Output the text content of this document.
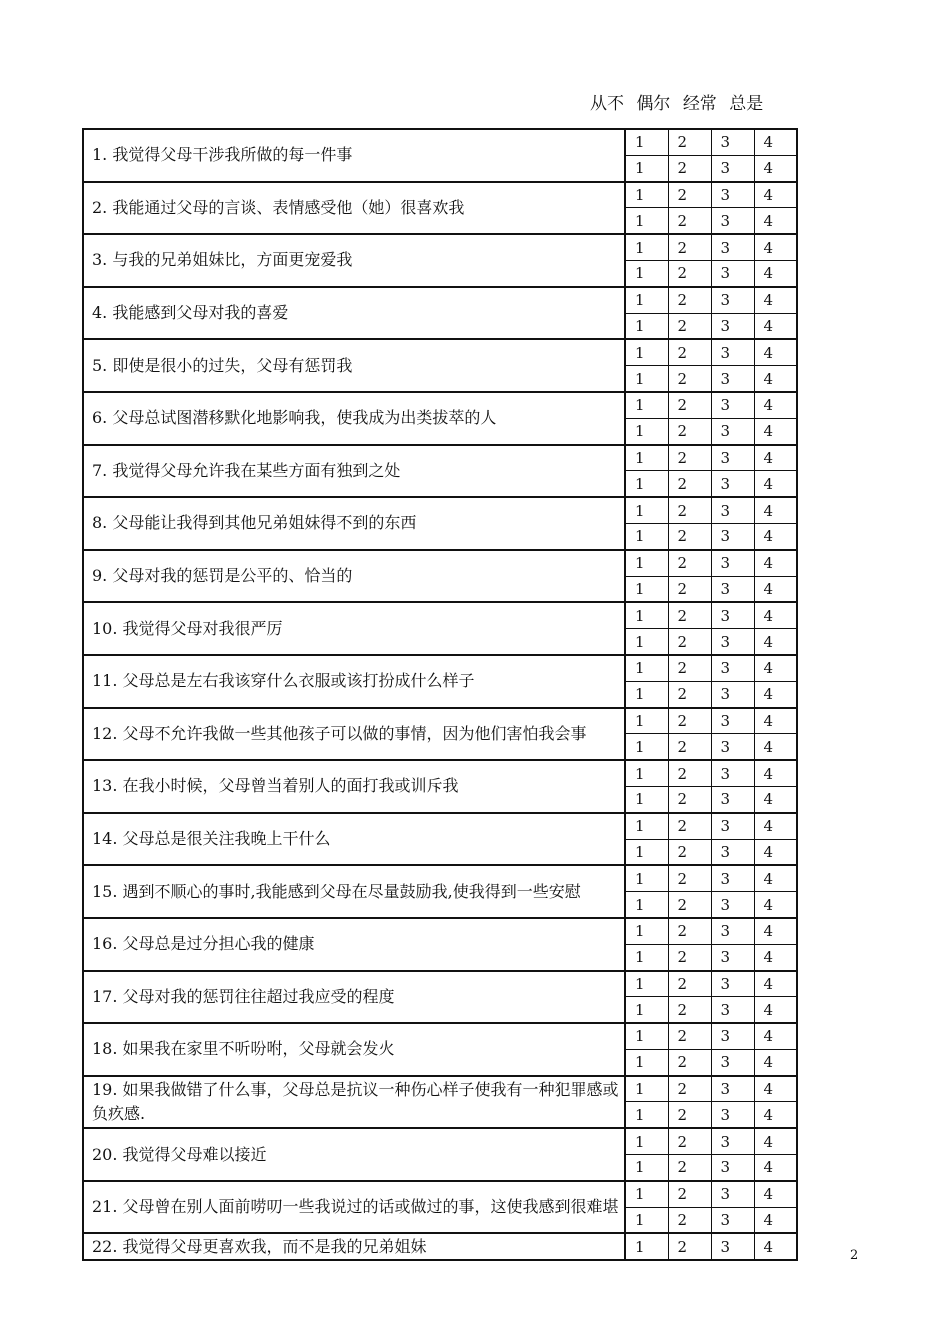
从不 偶尔 经常 总是
1. 我觉得父母干涉我所做的每一件事	1	2	3	4
	1	2	3	4
2. 我能通过父母的言谈、表情感受他（她）很喜欢我	1	2	3	4
	1	2	3	4
3. 与我的兄弟姐妹比，方面更宠爱我	1	2	3	4
	1	2	3	4
4. 我能感到父母对我的喜爱	1	2	3	4
	1	2	3	4
5. 即使是很小的过失，父母有惩罚我	1	2	3	4
	1	2	3	4
6. 父母总试图潜移默化地影响我，使我成为出类拔萃的人	1	2	3	4
	1	2	3	4
7. 我觉得父母允许我在某些方面有独到之处	1	2	3	4
	1	2	3	4
8. 父母能让我得到其他兄弟姐妹得不到的东西	1	2	3	4
	1	2	3	4
9. 父母对我的惩罚是公平的、恰当的	1	2	3	4
	1	2	3	4
10. 我觉得父母对我很严厉	1	2	3	4
	1	2	3	4
11. 父母总是左右我该穿什么衣服或该打扮成什么样子	1	2	3	4
	1	2	3	4
12. 父母不允许我做一些其他孩子可以做的事情，因为他们害怕我会事	1	2	3	4
	1	2	3	4
13. 在我小时候，父母曾当着别人的面打我或训斥我	1	2	3	4
	1	2	3	4
14. 父母总是很关注我晚上干什么	1	2	3	4
	1	2	3	4
15. 遇到不顺心的事时,我能感到父母在尽量鼓励我,使我得到一些安慰	1	2	3	4
	1	2	3	4
16. 父母总是过分担心我的健康	1	2	3	4
	1	2	3	4
17. 父母对我的惩罚往往超过我应受的程度	1	2	3	4
	1	2	3	4
18. 如果我在家里不听吩咐，父母就会发火	1	2	3	4
	1	2	3	4
19. 如果我做错了什么事，父母总是抗议一种伤心样子使我有一种犯罪感或负疚感.	1	2	3	4
	1	2	3	4
20. 我觉得父母难以接近	1	2	3	4
	1	2	3	4
21. 父母曾在别人面前唠叨一些我说过的话或做过的事，这使我感到很难堪	1	2	3	4
	1	2	3	4
22. 我觉得父母更喜欢我，而不是我的兄弟姐妹	1	2	3	4	2
